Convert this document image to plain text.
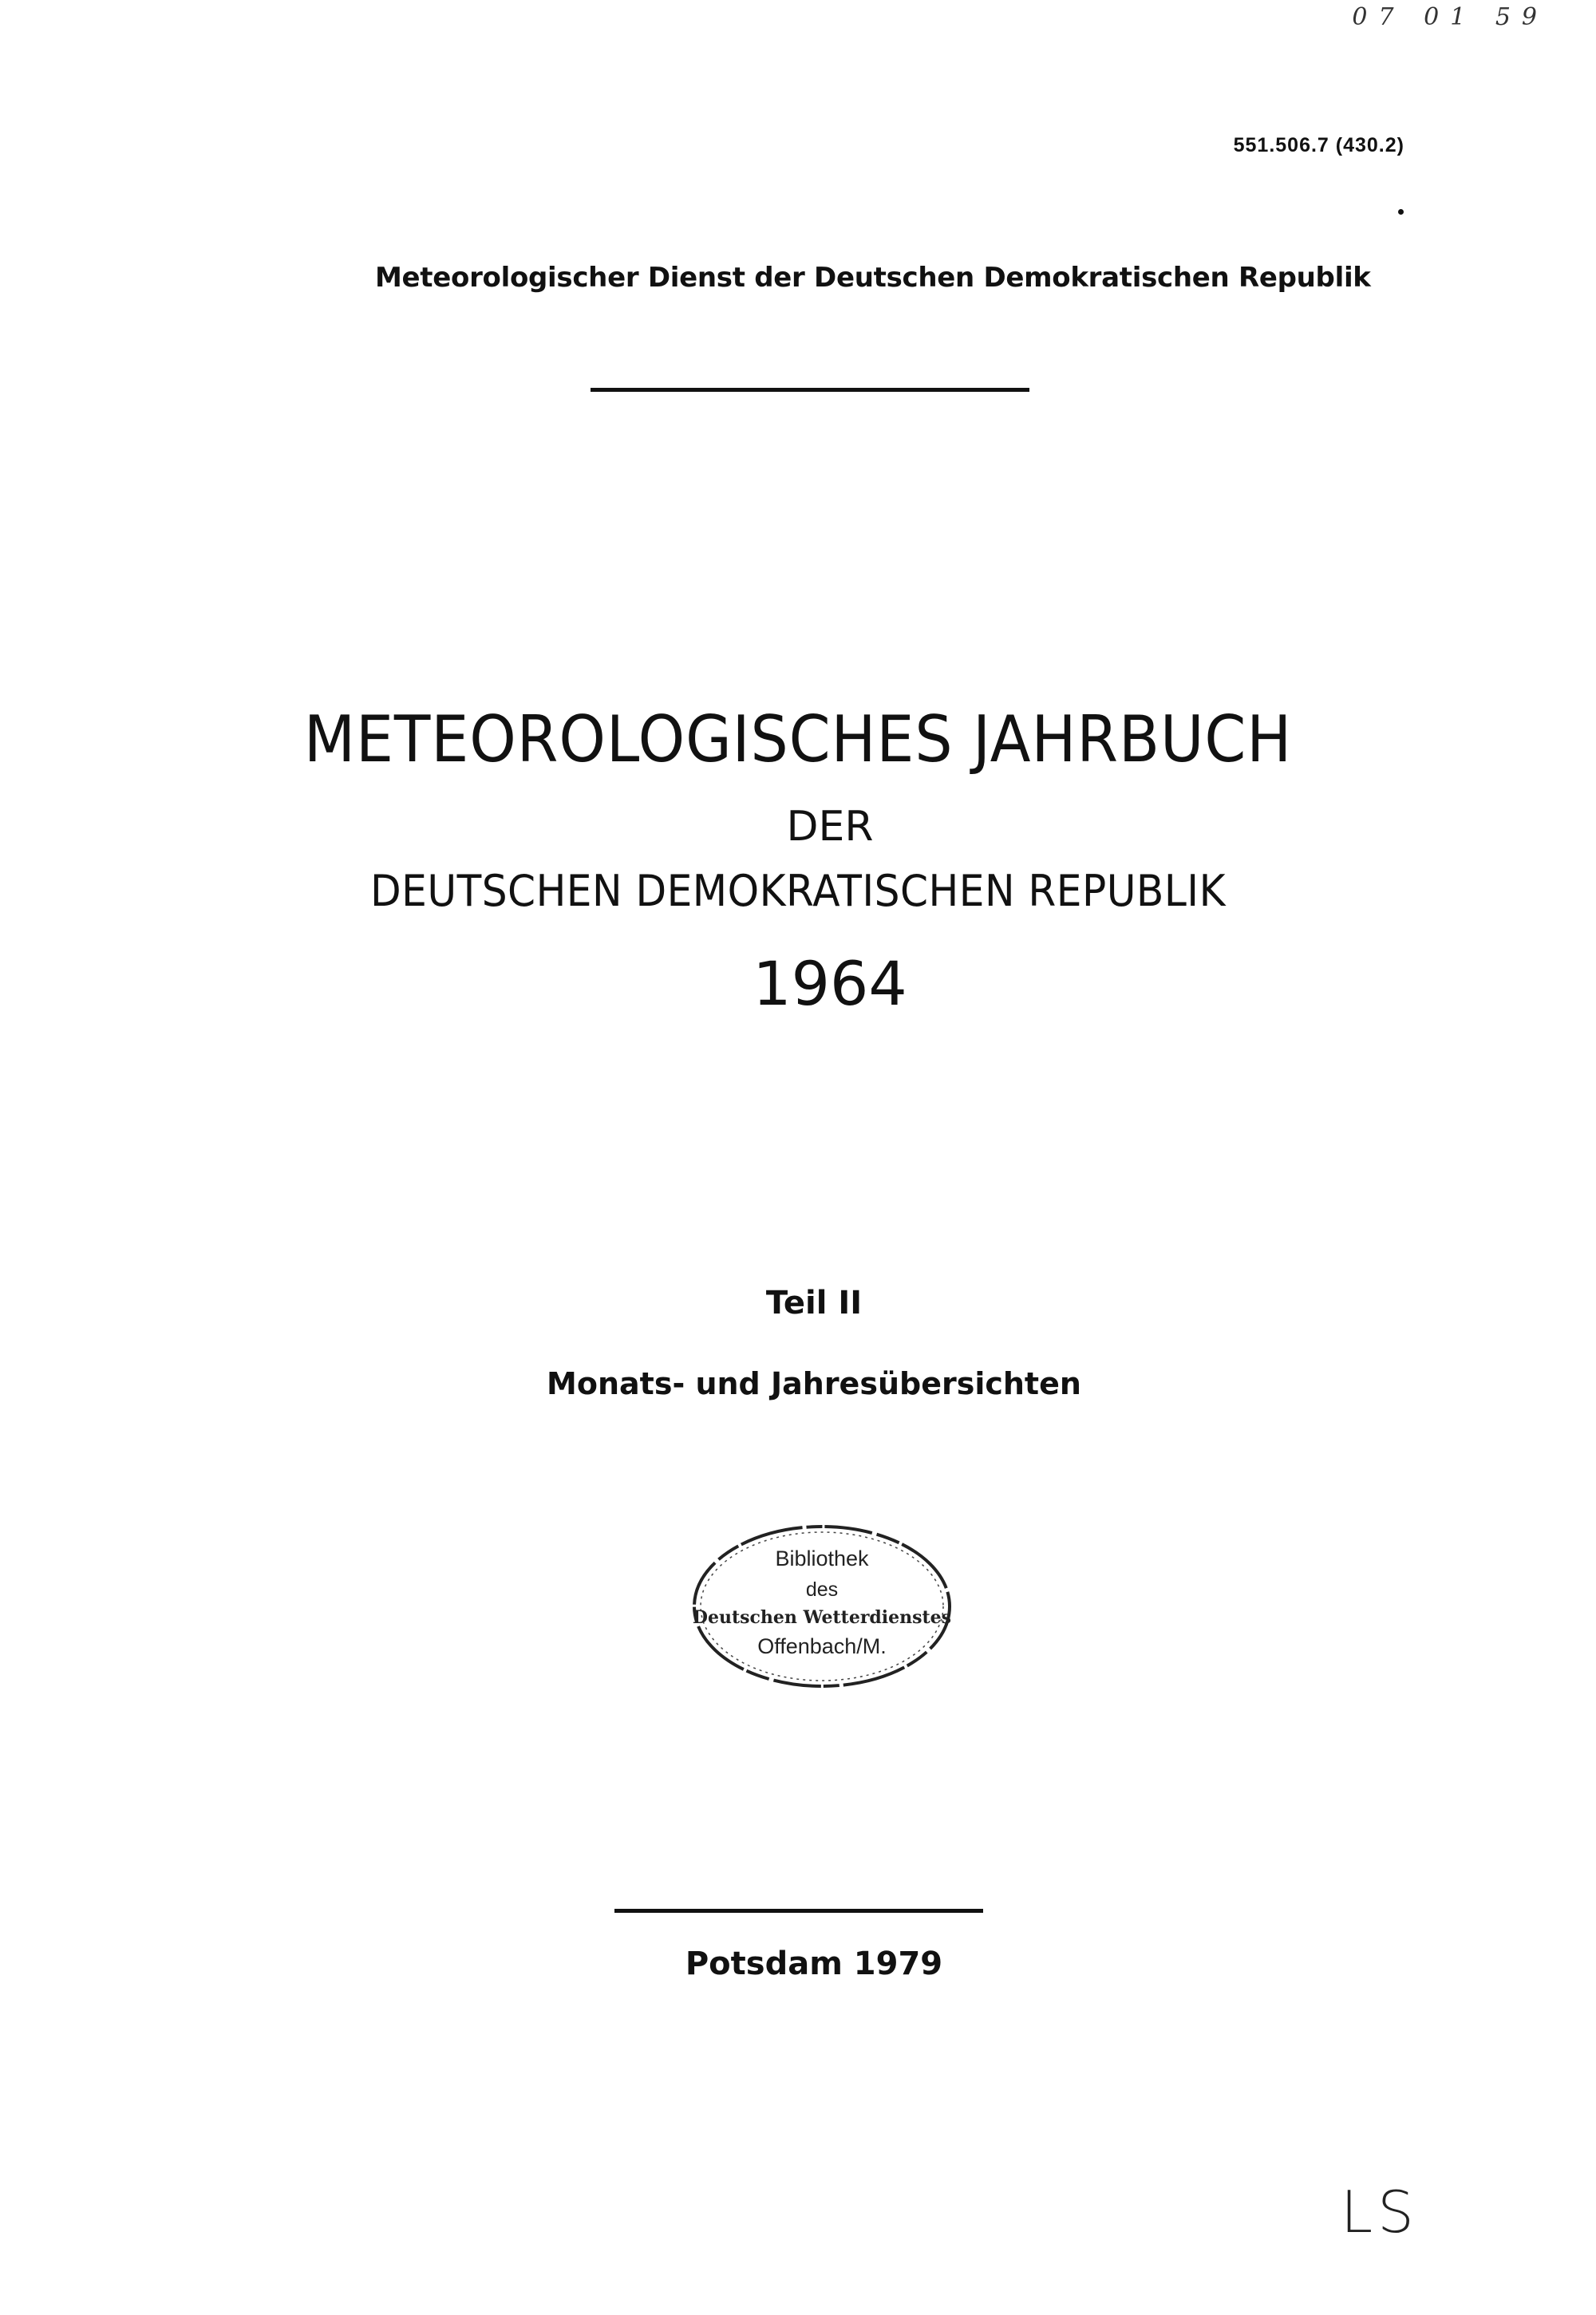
07 01 59
551.506.7 (430.2)
Meteorologischer Dienst der Deutschen Demokratischen Republik
METEOROLOGISCHES JAHRBUCH
DER
DEUTSCHEN DEMOKRATISCHEN REPUBLIK
1964
Teil II
Monats- und Jahresübersichten
Bibliothek
des
Deutschen Wetterdienstes
Offenbach/M.
Potsdam 1979
LS
